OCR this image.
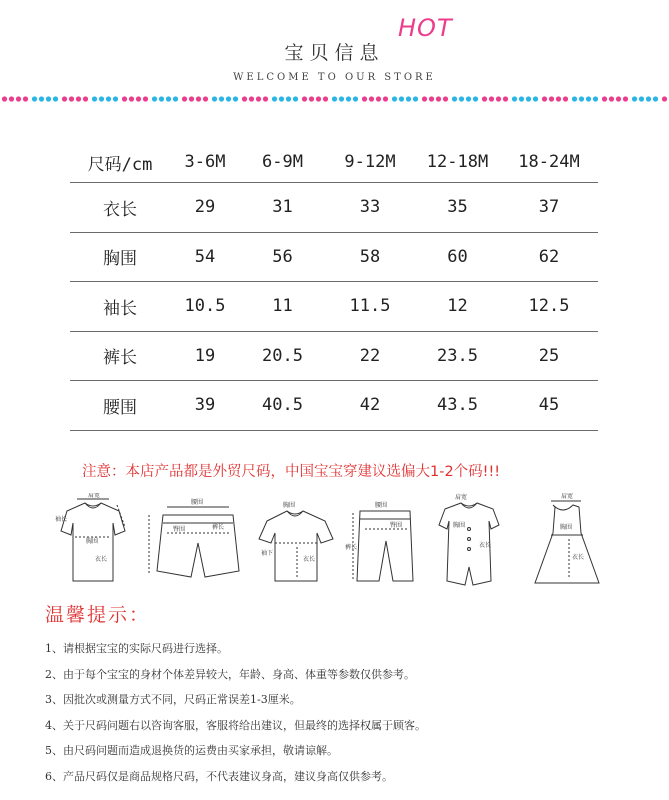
宝贝信息
HOT
WELCOME TO OUR STORE
尺码/cm	3-6M	6-9M	9-12M	12-18M	18-24M
衣长	29	31	33	35	37
胸围	54	56	58	60	62
袖长	10.5	11	11.5	12	12.5
裤长	19	20.5	22	23.5	25
腰围	39	40.5	42	43.5	45
注意：本店产品都是外贸尺码，中国宝宝穿建议选偏大1-2个码!!!
肩宽
胸围
衣长
袖长
腰围
臀围	裤长
胸围
袖下
衣长
腰围
臀围
裤长
肩宽
胸围
衣长
肩宽
胸围
衣长
温馨提示：
1、请根据宝宝的实际尺码进行选择。
2、由于每个宝宝的身材个体差异较大，年龄、身高、体重等参数仅供参考。
3、因批次或测量方式不同，尺码正常误差1-3厘米。
4、关于尺码问题右以咨询客服，客服将给出建议，但最终的选择权属于顾客。
5、由尺码问题而造成退换货的运费由买家承担，敬请谅解。
6、产品尺码仅是商品规格尺码，不代表建议身高，建议身高仅供参考。
